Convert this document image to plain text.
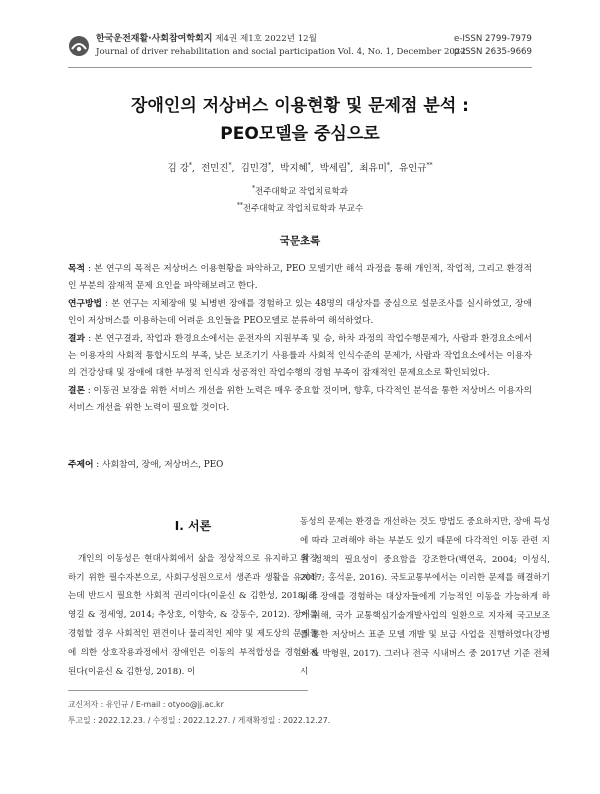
한국운전재활·사회참여학회지 제4권 제1호 2022년 12월
Journal of driver rehabilitation and social participation Vol. 4, No. 1, December 2022
e-ISSN 2799-7979
p-ISSN 2635-9669
장애인의 저상버스 이용현황 및 문제점 분석 :
PEO모델을 중심으로
김 강*,  전민진*,  김민경*,  박지혜*,  박세림*,  최유미*,  유인규**
*전주대학교 작업치료학과
**전주대학교 작업치료학과 부교수
국문초록

목적 : 본 연구의 목적은 저상버스 이용현황을 파악하고, PEO 모델기반 해석 과정을 통해 개인적, 작업적, 그리고 환경적인 부분의 잠재적 문제 요인을 파악해보려고 한다.

연구방법 : 본 연구는 지체장애 및 뇌병변 장애를 경험하고 있는 48명의 대상자를 중심으로 설문조사를 실시하였고, 장애인이 저상버스를 이용하는데 어려운 요인들을 PEO모델로 분류하여 해석하였다.

결과 : 본 연구결과, 작업과 환경요소에서는 운전자의 지원부족 및 승, 하차 과정의 작업수행문제가, 사람과 환경요소에서는 이용자의 사회적 통합시도의 부족, 낮은 보조기기 사용률과 사회적 인식수준의 문제가, 사람과 작업요소에서는 이용자의 건강상태 및 장애에 대한 부정적 인식과 성공적인 작업수행의 경험 부족이 잠재적인 문제요소로 확인되었다.

결론 : 이동권 보장을 위한 서비스 개선을 위한 노력은 매우 중요할 것이며, 향후, 다각적인 분석을 통한 저상버스 이용자의 서비스 개선을 위한 노력이 필요할 것이다.

주제어 : 사회참여, 장애, 저상버스, PEO
Ⅰ. 서론

개인의 이동성은 현대사회에서 삶을 정상적으로 유지하고 확장하기 위한 필수자본으로, 사회구성원으로서 생존과 생활을 유지하는데 반드시 필요한 사회적 권리이다(이윤신 & 김한성, 2018; 조영길 & 정세영, 2014; 추상호, 이향숙, & 강동수, 2012). 장애를 경험할 경우 사회적인 편견이나 물리적인 제약 및 제도상의 문제들에 의한 상호작용과정에서 장애인은 이동의 부적합성을 경험하게 된다(이윤신 & 김한성, 2018). 이

동성의 문제는 환경을 개선하는 것도 방법도 중요하지만, 장애 특성에 따라 고려해야 하는 부분도 있기 때문에 다각적인 이동 관련 지원 정책의 필요성이 중요함을 강조한다(백연옥, 2004; 이성식, 2017; 홍석윤, 2016). 국토교통부에서는 이러한 문제를 해결하기 위해 장애를 경험하는 대상자들에게 기능적인 이동을 가능하게 하기 위해, 국가 교통핵심기술개발사업의 일환으로 지자체 국고보조를 통한 저상버스 표준 모델 개발 및 보급 사업을 진행하였다(강병도 & 박형원, 2017). 그러나 전국 시내버스 중 2017년 기준 전체 시

교신저자 : 유인규 / E-mail : otyoo@jj.ac.kr
투고일 : 2022.12.23. / 수정일 : 2022.12.27. / 게재확정일 : 2022.12.27.
